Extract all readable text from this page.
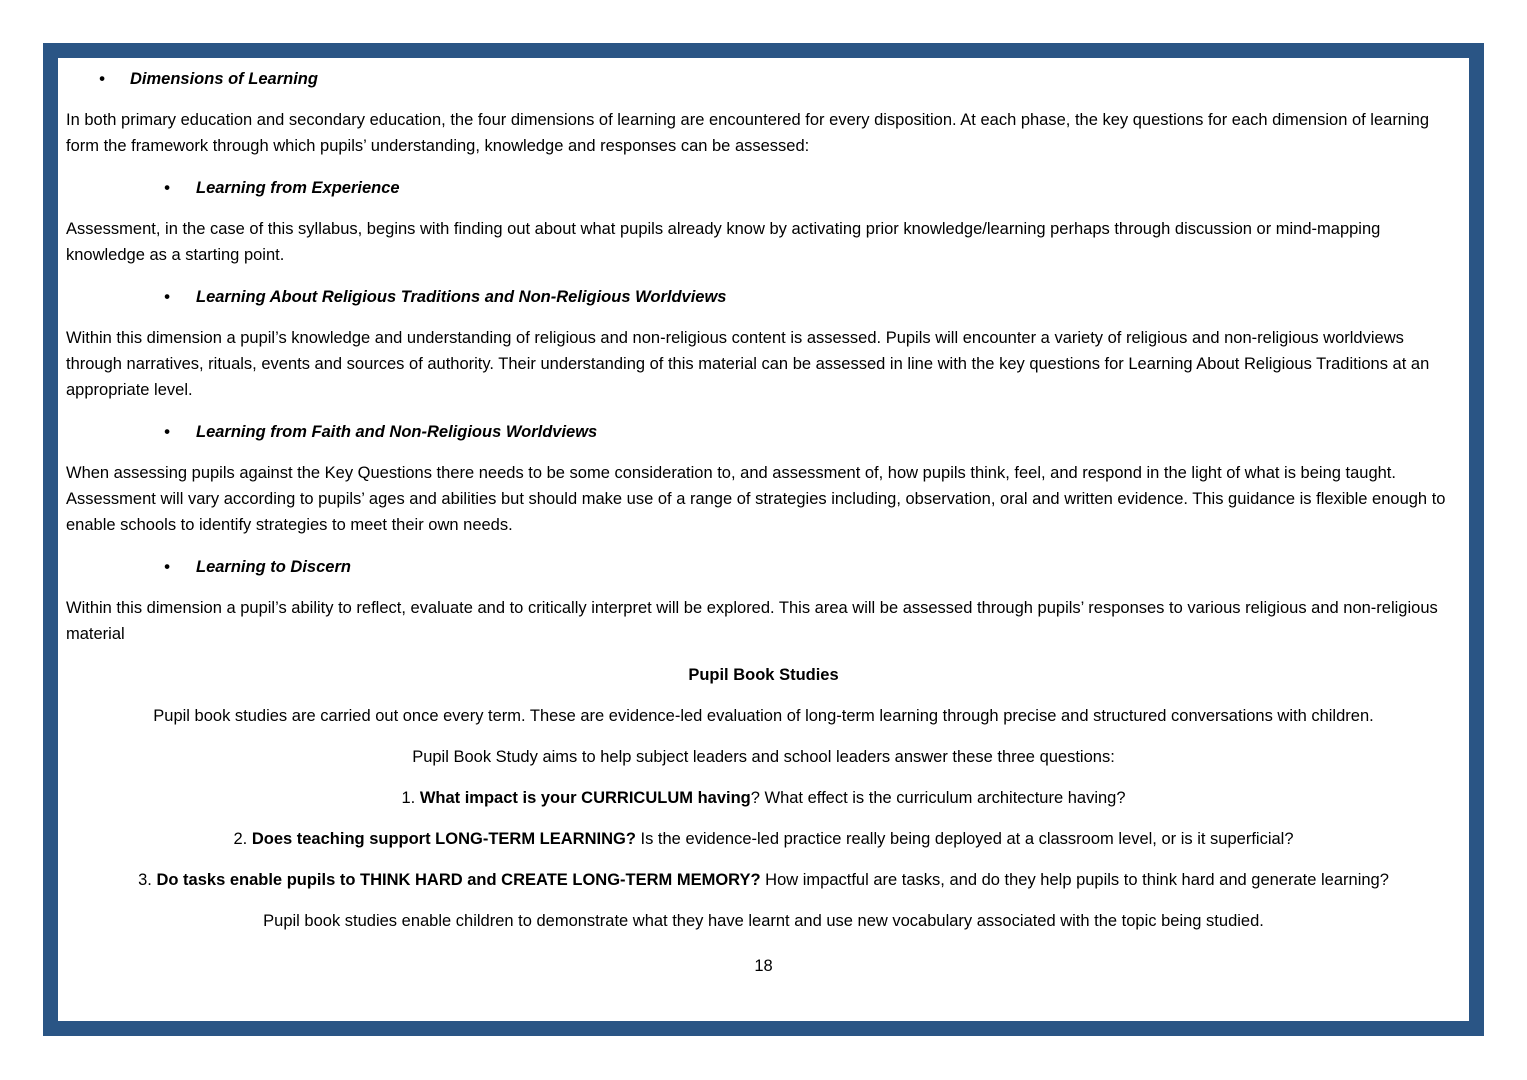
• Dimensions of Learning

In both primary education and secondary education, the four dimensions of learning are encountered for every disposition. At each phase, the key questions for each dimension of learning form the framework through which pupils’ understanding, knowledge and responses can be assessed:

• Learning from Experience

Assessment, in the case of this syllabus, begins with finding out about what pupils already know by activating prior knowledge/learning perhaps through discussion or mind-mapping knowledge as a starting point.

• Learning About Religious Traditions and Non-Religious Worldviews

Within this dimension a pupil’s knowledge and understanding of religious and non-religious content is assessed. Pupils will encounter a variety of religious and non-religious worldviews through narratives, rituals, events and sources of authority. Their understanding of this material can be assessed in line with the key questions for Learning About Religious Traditions at an appropriate level.

• Learning from Faith and Non-Religious Worldviews

When assessing pupils against the Key Questions there needs to be some consideration to, and assessment of, how pupils think, feel, and respond in the light of what is being taught. Assessment will vary according to pupils’ ages and abilities but should make use of a range of strategies including, observation, oral and written evidence. This guidance is flexible enough to enable schools to identify strategies to meet their own needs.

• Learning to Discern

Within this dimension a pupil’s ability to reflect, evaluate and to critically interpret will be explored. This area will be assessed through pupils’ responses to various religious and non-religious material

Pupil Book Studies

Pupil book studies are carried out once every term. These are evidence-led evaluation of long-term learning through precise and structured conversations with children.

Pupil Book Study aims to help subject leaders and school leaders answer these three questions:

1. What impact is your CURRICULUM having? What effect is the curriculum architecture having?

2. Does teaching support LONG-TERM LEARNING? Is the evidence-led practice really being deployed at a classroom level, or is it superficial?

3. Do tasks enable pupils to THINK HARD and CREATE LONG-TERM MEMORY? How impactful are tasks, and do they help pupils to think hard and generate learning?

Pupil book studies enable children to demonstrate what they have learnt and use new vocabulary associated with the topic being studied.

18
